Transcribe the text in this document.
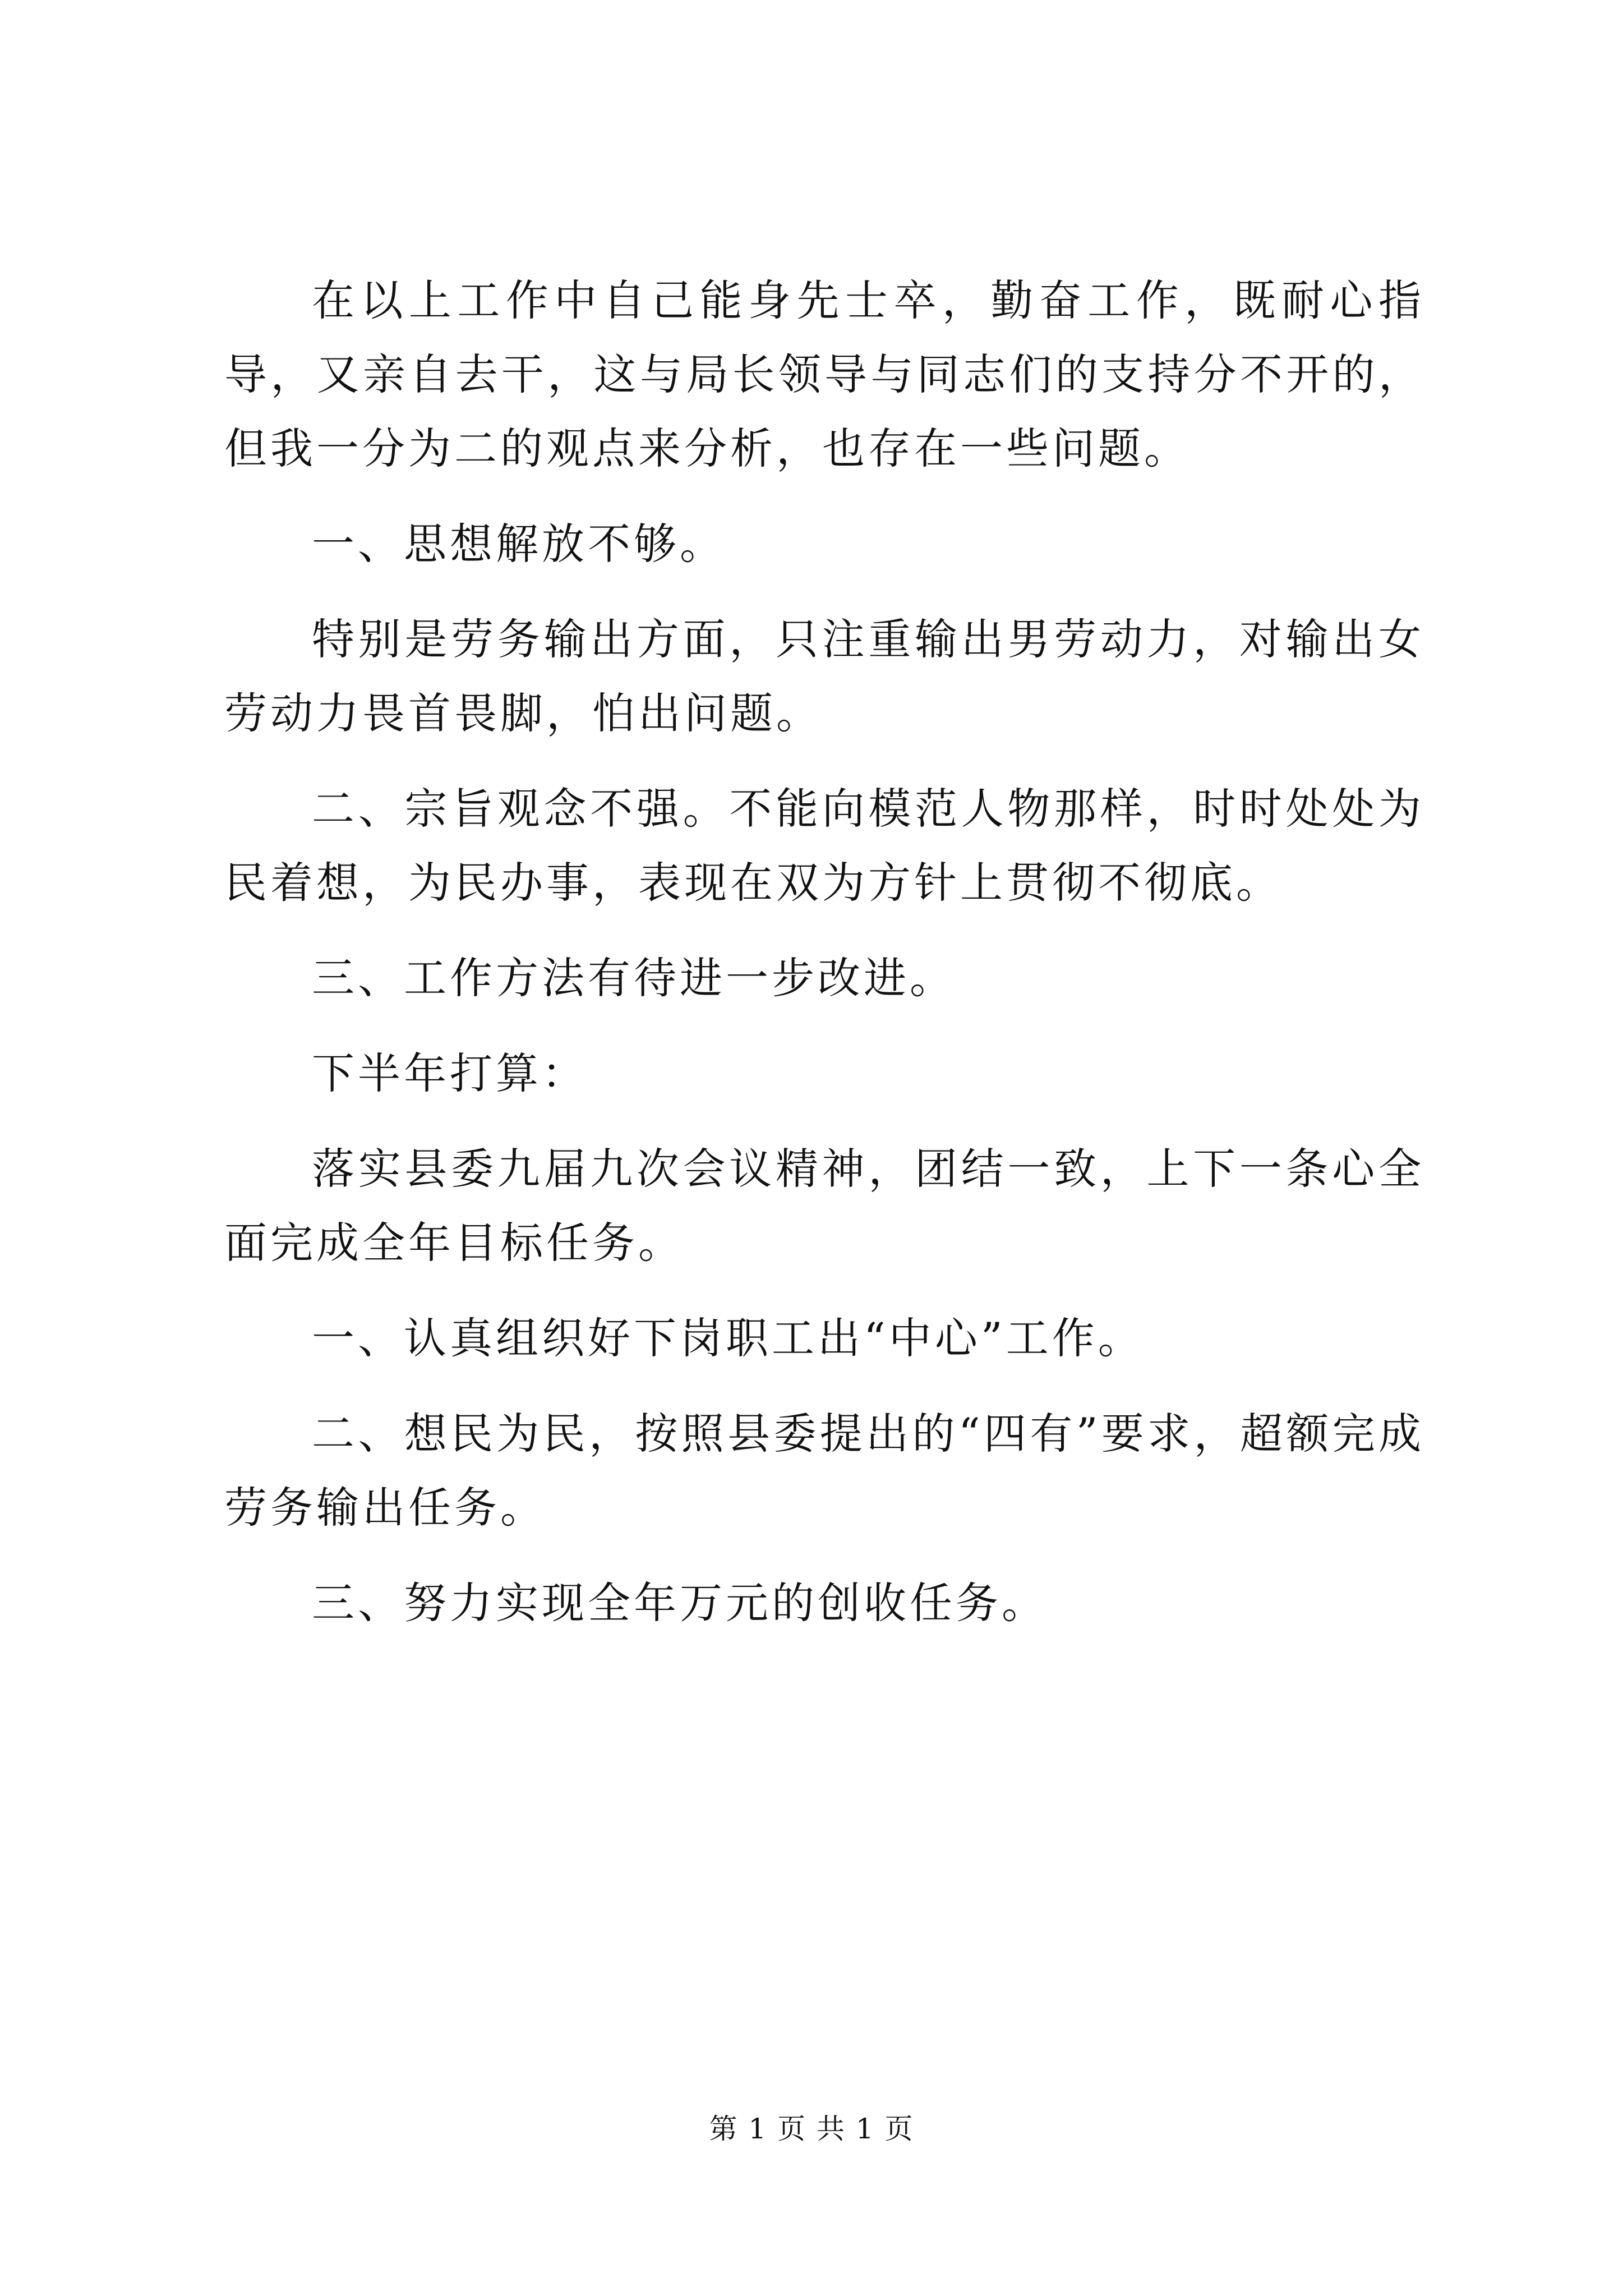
在以上工作中自己能身先士卒，勤奋工作，既耐心指导，又亲自去干，这与局长领导与同志们的支持分不开的，但我一分为二的观点来分析，也存在一些问题。

一、思想解放不够。

特别是劳务输出方面，只注重输出男劳动力，对输出女劳动力畏首畏脚，怕出问题。

二、宗旨观念不强。不能向模范人物那样，时时处处为民着想，为民办事，表现在双为方针上贯彻不彻底。

三、工作方法有待进一步改进。

下半年打算：

落实县委九届九次会议精神，团结一致，上下一条心全面完成全年目标任务。

一、认真组织好下岗职工出“中心”工作。

二、想民为民，按照县委提出的“四有”要求，超额完成劳务输出任务。

三、努力实现全年万元的创收任务。

第 1 页 共 1 页
